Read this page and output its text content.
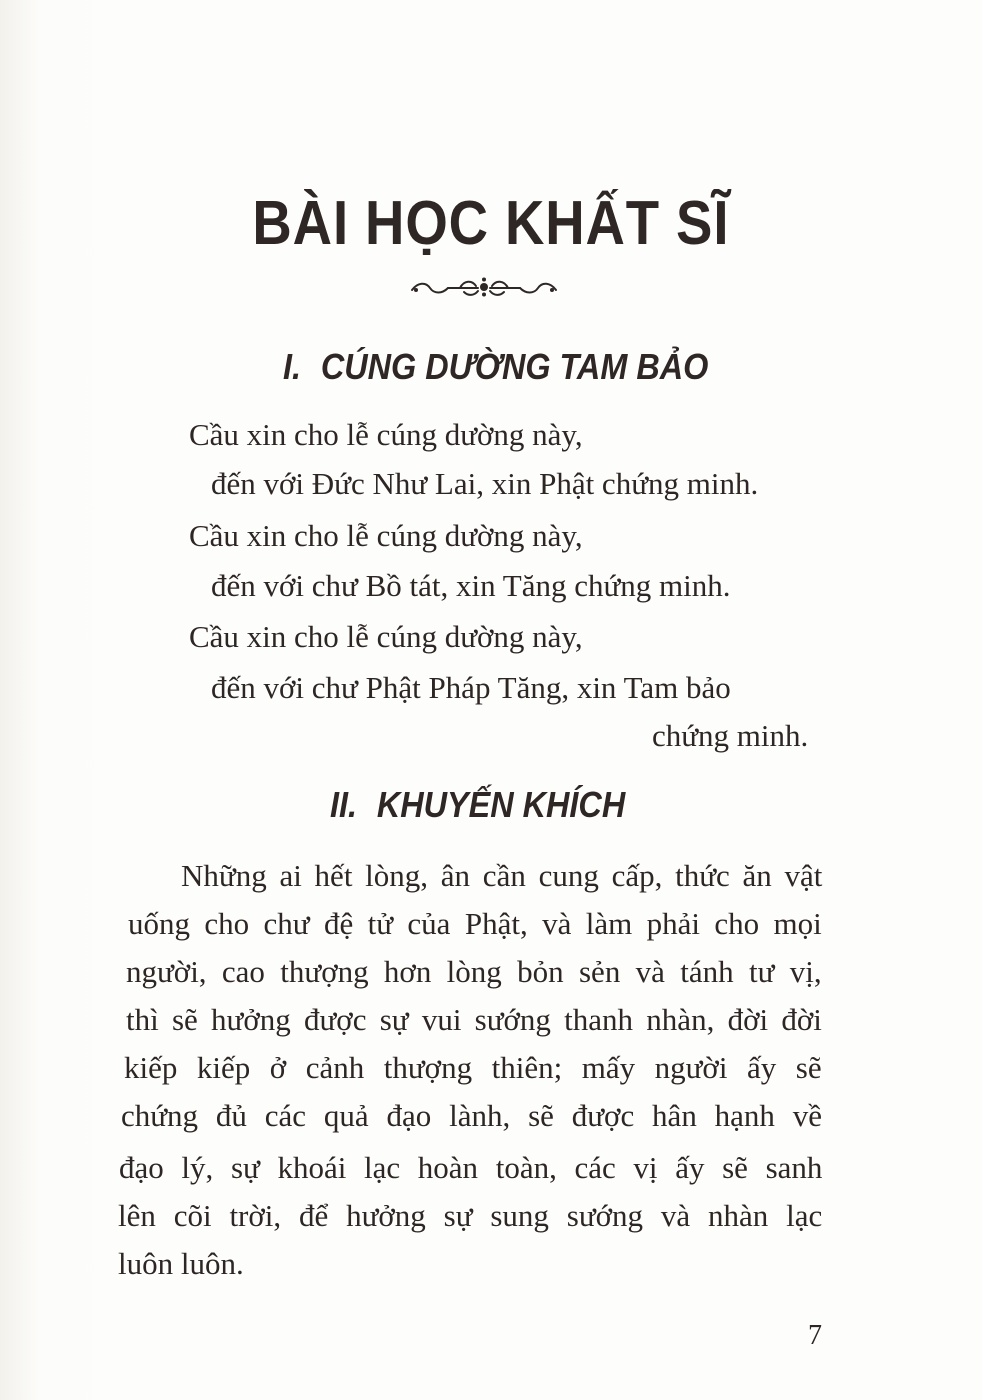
BÀI HỌC KHẤT SĨ
I. CÚNG DƯỜNG TAM BẢO
Cầu xin cho lễ cúng dường này,
đến với Đức Như Lai, xin Phật chứng minh.
Cầu xin cho lễ cúng dường này,
đến với chư Bồ tát, xin Tăng chứng minh.
Cầu xin cho lễ cúng dường này,
đến với chư Phật Pháp Tăng, xin Tam bảo
chứng minh.
II. KHUYẾN KHÍCH
Những ai hết lòng, ân cần cung cấp, thức ăn vật
uống cho chư đệ tử của Phật, và làm phải cho mọi
người, cao thượng hơn lòng bỏn sẻn và tánh tư vị,
thì sẽ hưởng được sự vui sướng thanh nhàn, đời đời
kiếp kiếp ở cảnh thượng thiên; mấy người ấy sẽ
chứng đủ các quả đạo lành, sẽ được hân hạnh về
đạo lý, sự khoái lạc hoàn toàn, các vị ấy sẽ sanh
lên cõi trời, để hưởng sự sung sướng và nhàn lạc
luôn luôn.
7
